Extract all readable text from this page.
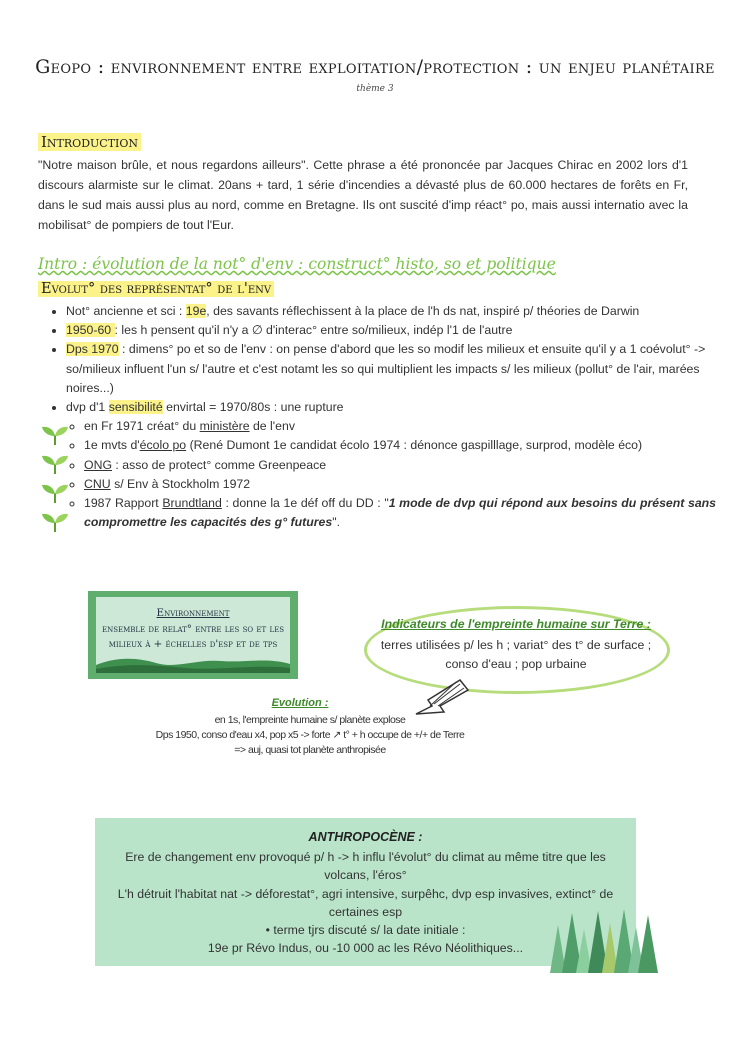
Geopo : environnement entre exploitation/protection : un enjeu planétaire
thème 3
Introduction
"Notre maison brûle, et nous regardons ailleurs". Cette phrase a été prononcée par Jacques Chirac en 2002 lors d'1 discours alarmiste sur le climat. 20ans + tard, 1 série d'incendies a dévasté plus de 60.000 hectares de forêts en Fr, dans le sud mais aussi plus au nord, comme en Bretagne. Ils ont suscité d'imp réact° po, mais aussi internatio avec la mobilisat° de pompiers de tout l'Eur.
Intro : évolution de la not° d'env : construct° histo, so et politique
Evolut° des représentat° de l'env
• Not° ancienne et sci : 19e, des savants réflechissent à la place de l'h ds nat, inspiré p/ théories de Darwin
• 1950-60 : les h pensent qu'il n'y a ∅ d'interac° entre so/milieux, indép l'1 de l'autre
• Dps 1970 : dimens° po et so de l'env : on pense d'abord que les so modif les milieux et ensuite qu'il y a 1 coévolut° -> so/milieux influent l'un s/ l'autre et c'est notamt les so qui multiplient les impacts s/ les milieux (pollut° de l'air, marées noires...)
• dvp d'1 sensibilité envirtal = 1970/80s : une rupture
◦ en Fr 1971 créat° du ministère de l'env
◦ 1e mvts d'écolo po (René Dumont 1e candidat écolo 1974 : dénonce gaspilllage, surprod, modèle éco)
◦ ONG : asso de protect° comme Greenpeace
◦ CNU s/ Env à Stockholm 1972
◦ 1987 Rapport Brundtland : donne la 1e déf off du DD : "1 mode de dvp qui répond aux besoins du présent sans compromettre les capacités des g° futures".
Environnement
ensemble de relat° entre les so et les
milieux à + échelles d'esp et de tps
Indicateurs de l'empreinte humaine sur Terre :
terres utilisées p/ les h ; variat° des t° de surface ;
conso d'eau ; pop urbaine
Evolution :
en 1s, l'empreinte humaine s/ planète explose
Dps 1950, conso d'eau x4, pop x5 -> forte ↗ t° + h occupe de +/+ de Terre
=> auj, quasi tot planète anthropisée
ANTHROPOCÈNE :
Ere de changement env provoqué p/ h -> h influ l'évolut° du climat au même titre que les volcans, l'éros°
L'h détruit l'habitat nat -> déforestat°, agri intensive, surpêhc, dvp esp invasives, extinct° de certaines esp
• terme tjrs discuté s/ la date initiale :
19e pr Révo Indus, ou -10 000 ac les Révo Néolithiques...
